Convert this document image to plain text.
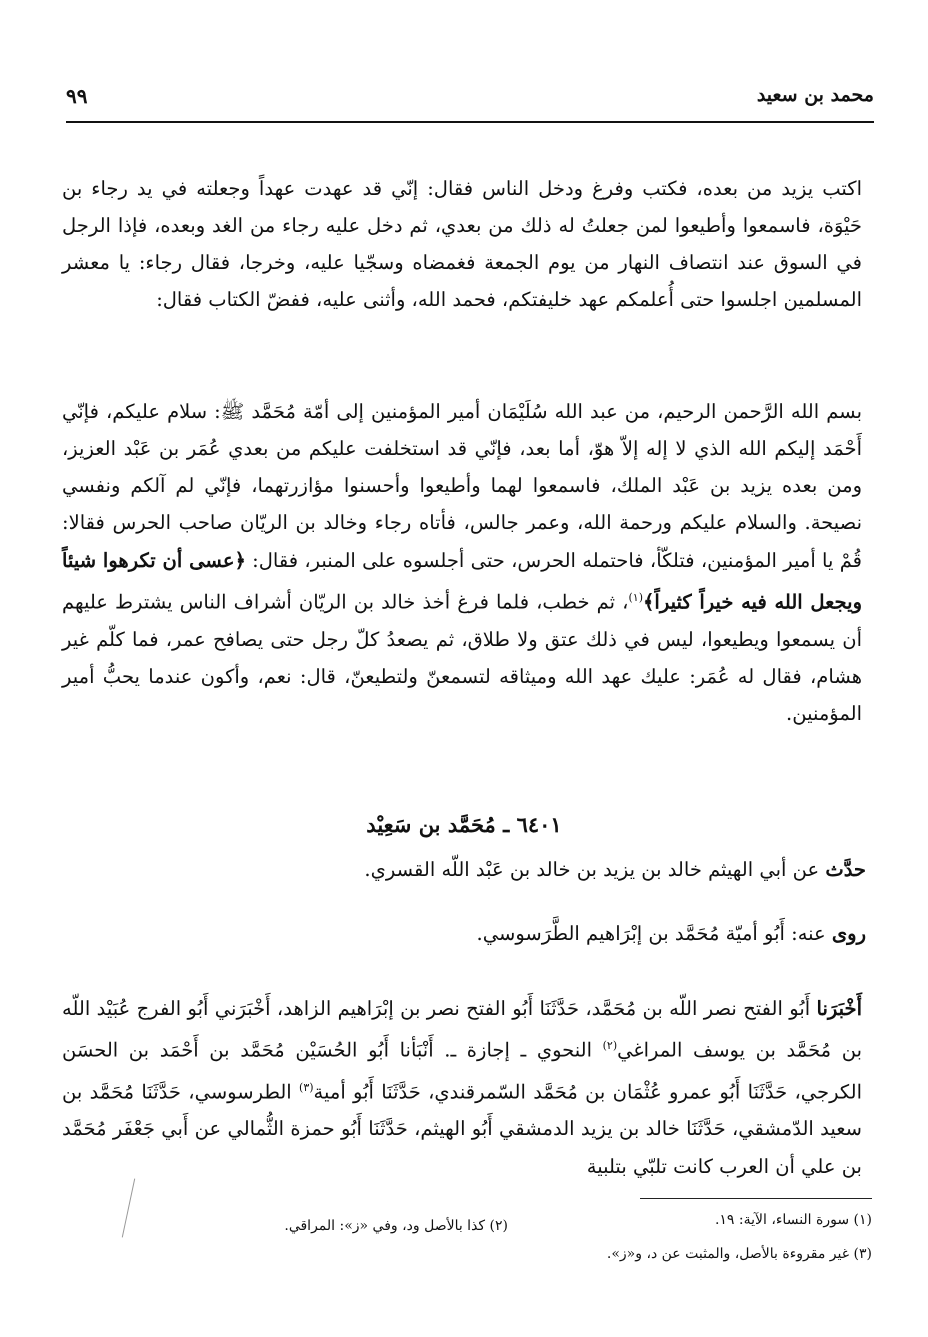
محمد بن سعيد
٩٩

اكتب يزيد من بعده، فكتب وفرغ ودخل الناس فقال: إنّي قد عهدت عهداً وجعلته في يد رجاء بن حَيْوَة، فاسمعوا وأطيعوا لمن جعلتُ له ذلك من بعدي، ثم دخل عليه رجاء من الغد وبعده، فإذا الرجل في السوق عند انتصاف النهار من يوم الجمعة فغمضاه وسجّيا عليه، وخرجا، فقال رجاء: يا معشر المسلمين اجلسوا حتى أُعلمكم عهد خليفتكم، فحمد الله، وأثنى عليه، ففضّ الكتاب فقال:

بسم الله الرَّحمن الرحيم، من عبد الله سُلَيْمَان أمير المؤمنين إلى أمّة مُحَمَّد ﷺ: سلام عليكم، فإنّي أَحْمَد إليكم الله الذي لا إله إلاّ هوّ، أما بعد، فإنّي قد استخلفت عليكم من بعدي عُمَر بن عَبْد العزيز، ومن بعده يزيد بن عَبْد الملك، فاسمعوا لهما وأطيعوا وأحسنوا مؤازرتهما، فإنّي لم آلكم ونفسي نصيحة. والسلام عليكم ورحمة الله، وعمر جالس، فأتاه رجاء وخالد بن الريّان صاحب الحرس فقالا: قُمْ يا أمير المؤمنين، فتلكّأ، فاحتمله الحرس، حتى أجلسوه على المنبر، فقال: ﴿عسى أن تكرهوا شيئاً ويجعل الله فيه خيراً كثيراً﴾$^{(١)}$، ثم خطب، فلما فرغ أخذ خالد بن الريّان أشراف الناس يشترط عليهم أن يسمعوا ويطيعوا، ليس في ذلك عتق ولا طلاق، ثم يصعدُ كلّ رجل حتى يصافح عمر، فما كلّم غير هشام، فقال له عُمَر: عليك عهد الله وميثاقه لتسمعنّ ولتطيعنّ، قال: نعم، وأكون عندما يحبُّ أمير المؤمنين.

٦٤٠١ ـ مُحَمَّد بن سَعِيْد
حدَّث عن أبي الهيثم خالد بن يزيد بن خالد بن عَبْد اللّه القسري.
روى عنه: أَبُو أميّة مُحَمَّد بن إبْرَاهيم الطَّرَسوسي.

أَخْبَرَنا أَبُو الفتح نصر اللّه بن مُحَمَّد، حَدَّثَنَا أَبُو الفتح نصر بن إبْرَاهيم الزاهد، أَخْبَرَني أَبُو الفرج عُبَيْد اللّه بن مُحَمَّد بن يوسف المراغي$^{(٢)}$ النحوي ـ إجازة ـ. أَنْبَأنا أَبُو الحُسَيْن مُحَمَّد بن أَحْمَد بن الحسَن الكرجي، حَدَّثَنَا أَبُو عمرو عُثْمَان بن مُحَمَّد السّمرقندي، حَدَّثَنَا أَبُو أمية$^{(٣)}$ الطرسوسي، حَدَّثَنَا مُحَمَّد بن سعيد الدّمشقي، حَدَّثَنَا خالد بن يزيد الدمشقي أَبُو الهيثم، حَدَّثَنَا أَبُو حمزة الثُّمالي عن أَبي جَعْفَر مُحَمَّد بن علي أن العرب كانت تلبّي بتلبية

(١) سورة النساء، الآية: ١٩.
(٢) كذا بالأصل ود، وفي «ز»: المراقي.
(٣) غير مقروءة بالأصل، والمثبت عن د، و«ز».
